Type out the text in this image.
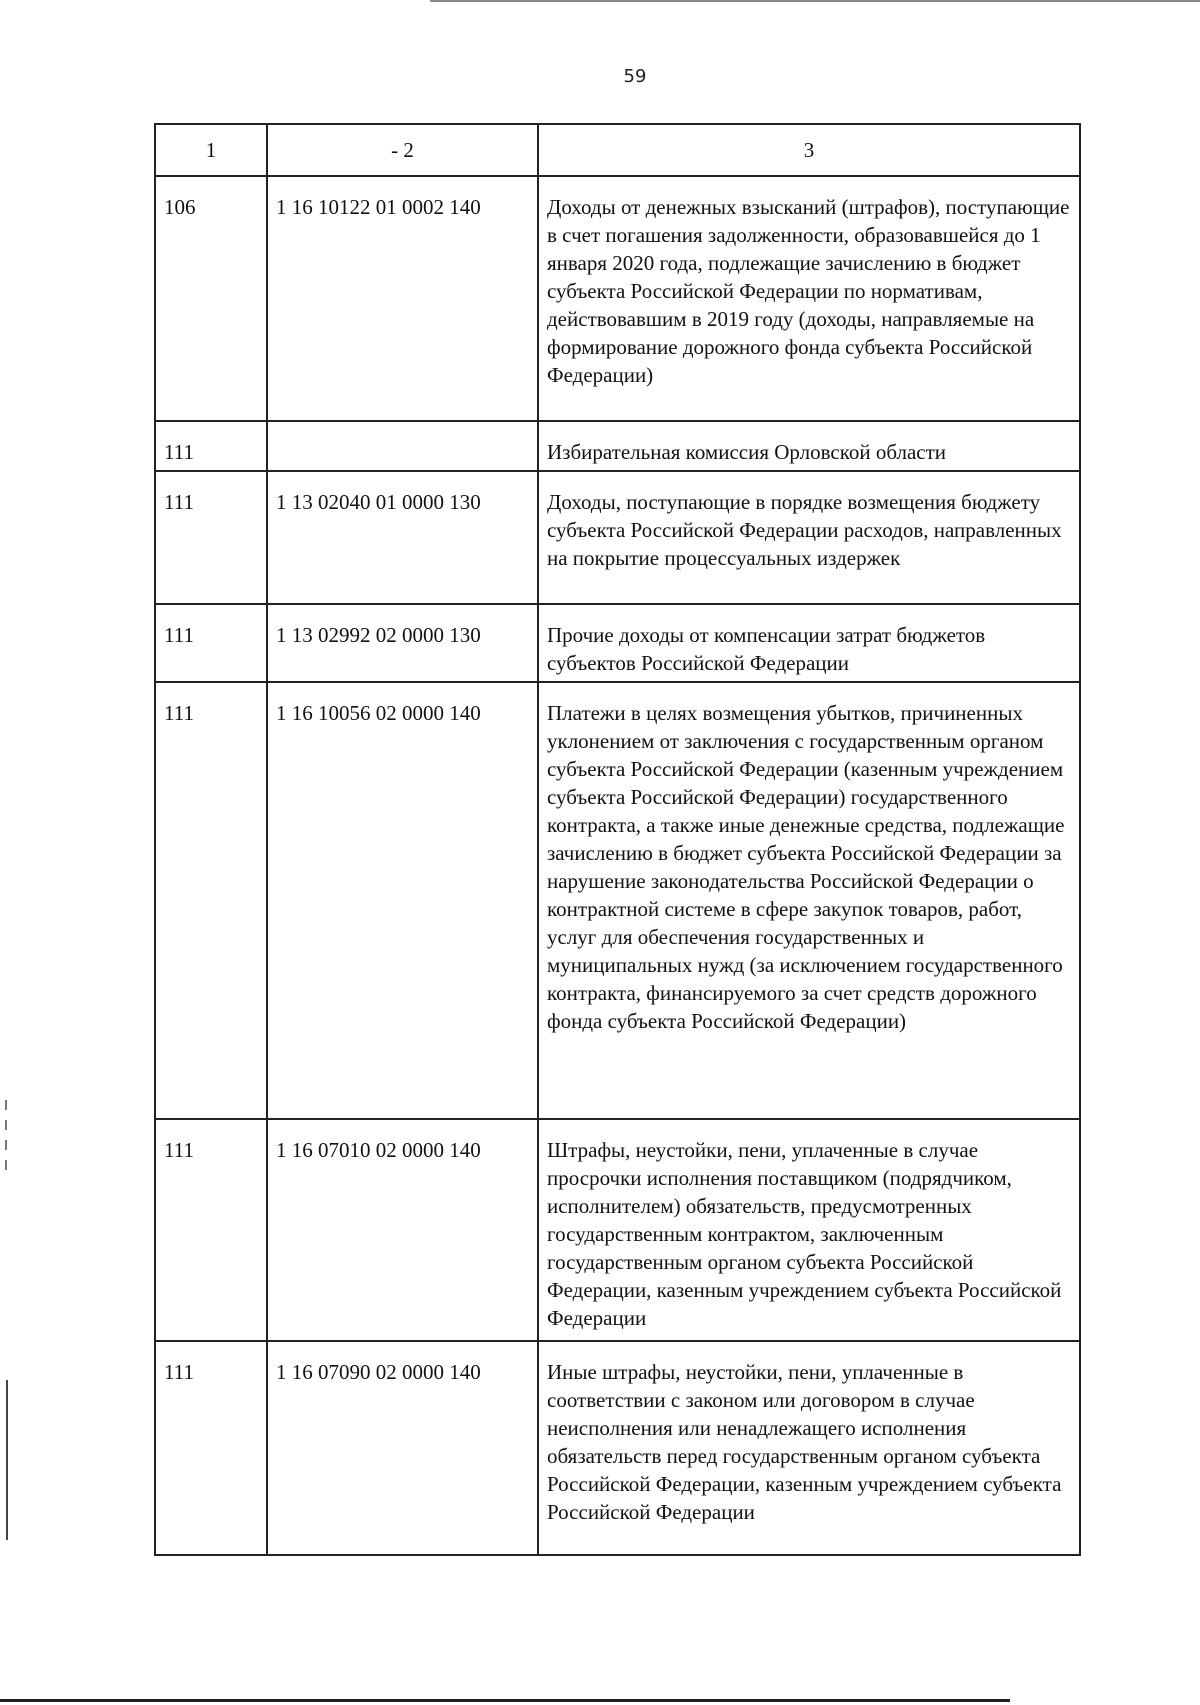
59
1	- 2	3
106	1 16 10122 01 0002 140	Доходы от денежных взысканий (штрафов), поступающие в счет погашения задолженности, образовавшейся до 1 января 2020 года, подлежащие зачислению в бюджет субъекта Российской Федерации по нормативам, действовавшим в 2019 году (доходы, направляемые на формирование дорожного фонда субъекта Российской Федерации)
111		Избирательная комиссия Орловской области
111	1 13 02040 01 0000 130	Доходы, поступающие в порядке возмещения бюджету субъекта Российской Федерации расходов, направленных на покрытие процессуальных издержек
111	1 13 02992 02 0000 130	Прочие доходы от компенсации затрат бюджетов субъектов Российской Федерации
111	1 16 10056 02 0000 140	Платежи в целях возмещения убытков, причиненных уклонением от заключения с государственным органом субъекта Российской Федерации (казенным учреждением субъекта Российской Федерации) государственного контракта, а также иные денежные средства, подлежащие зачислению в бюджет субъекта Российской Федерации за нарушение законодательства Российской Федерации о контрактной системе в сфере закупок товаров, работ, услуг для обеспечения государственных и муниципальных нужд (за исключением государственного контракта, финансируемого за счет средств дорожного фонда субъекта Российской Федерации)
111	1 16 07010 02 0000 140	Штрафы, неустойки, пени, уплаченные в случае просрочки исполнения поставщиком (подрядчиком, исполнителем) обязательств, предусмотренных государственным контрактом, заключенным государственным органом субъекта Российской Федерации, казенным учреждением субъекта Российской Федерации
111	1 16 07090 02 0000 140	Иные штрафы, неустойки, пени, уплаченные в соответствии с законом или договором в случае неисполнения или ненадлежащего исполнения обязательств перед государственным органом субъекта Российской Федерации, казенным учреждением субъекта Российской Федерации
